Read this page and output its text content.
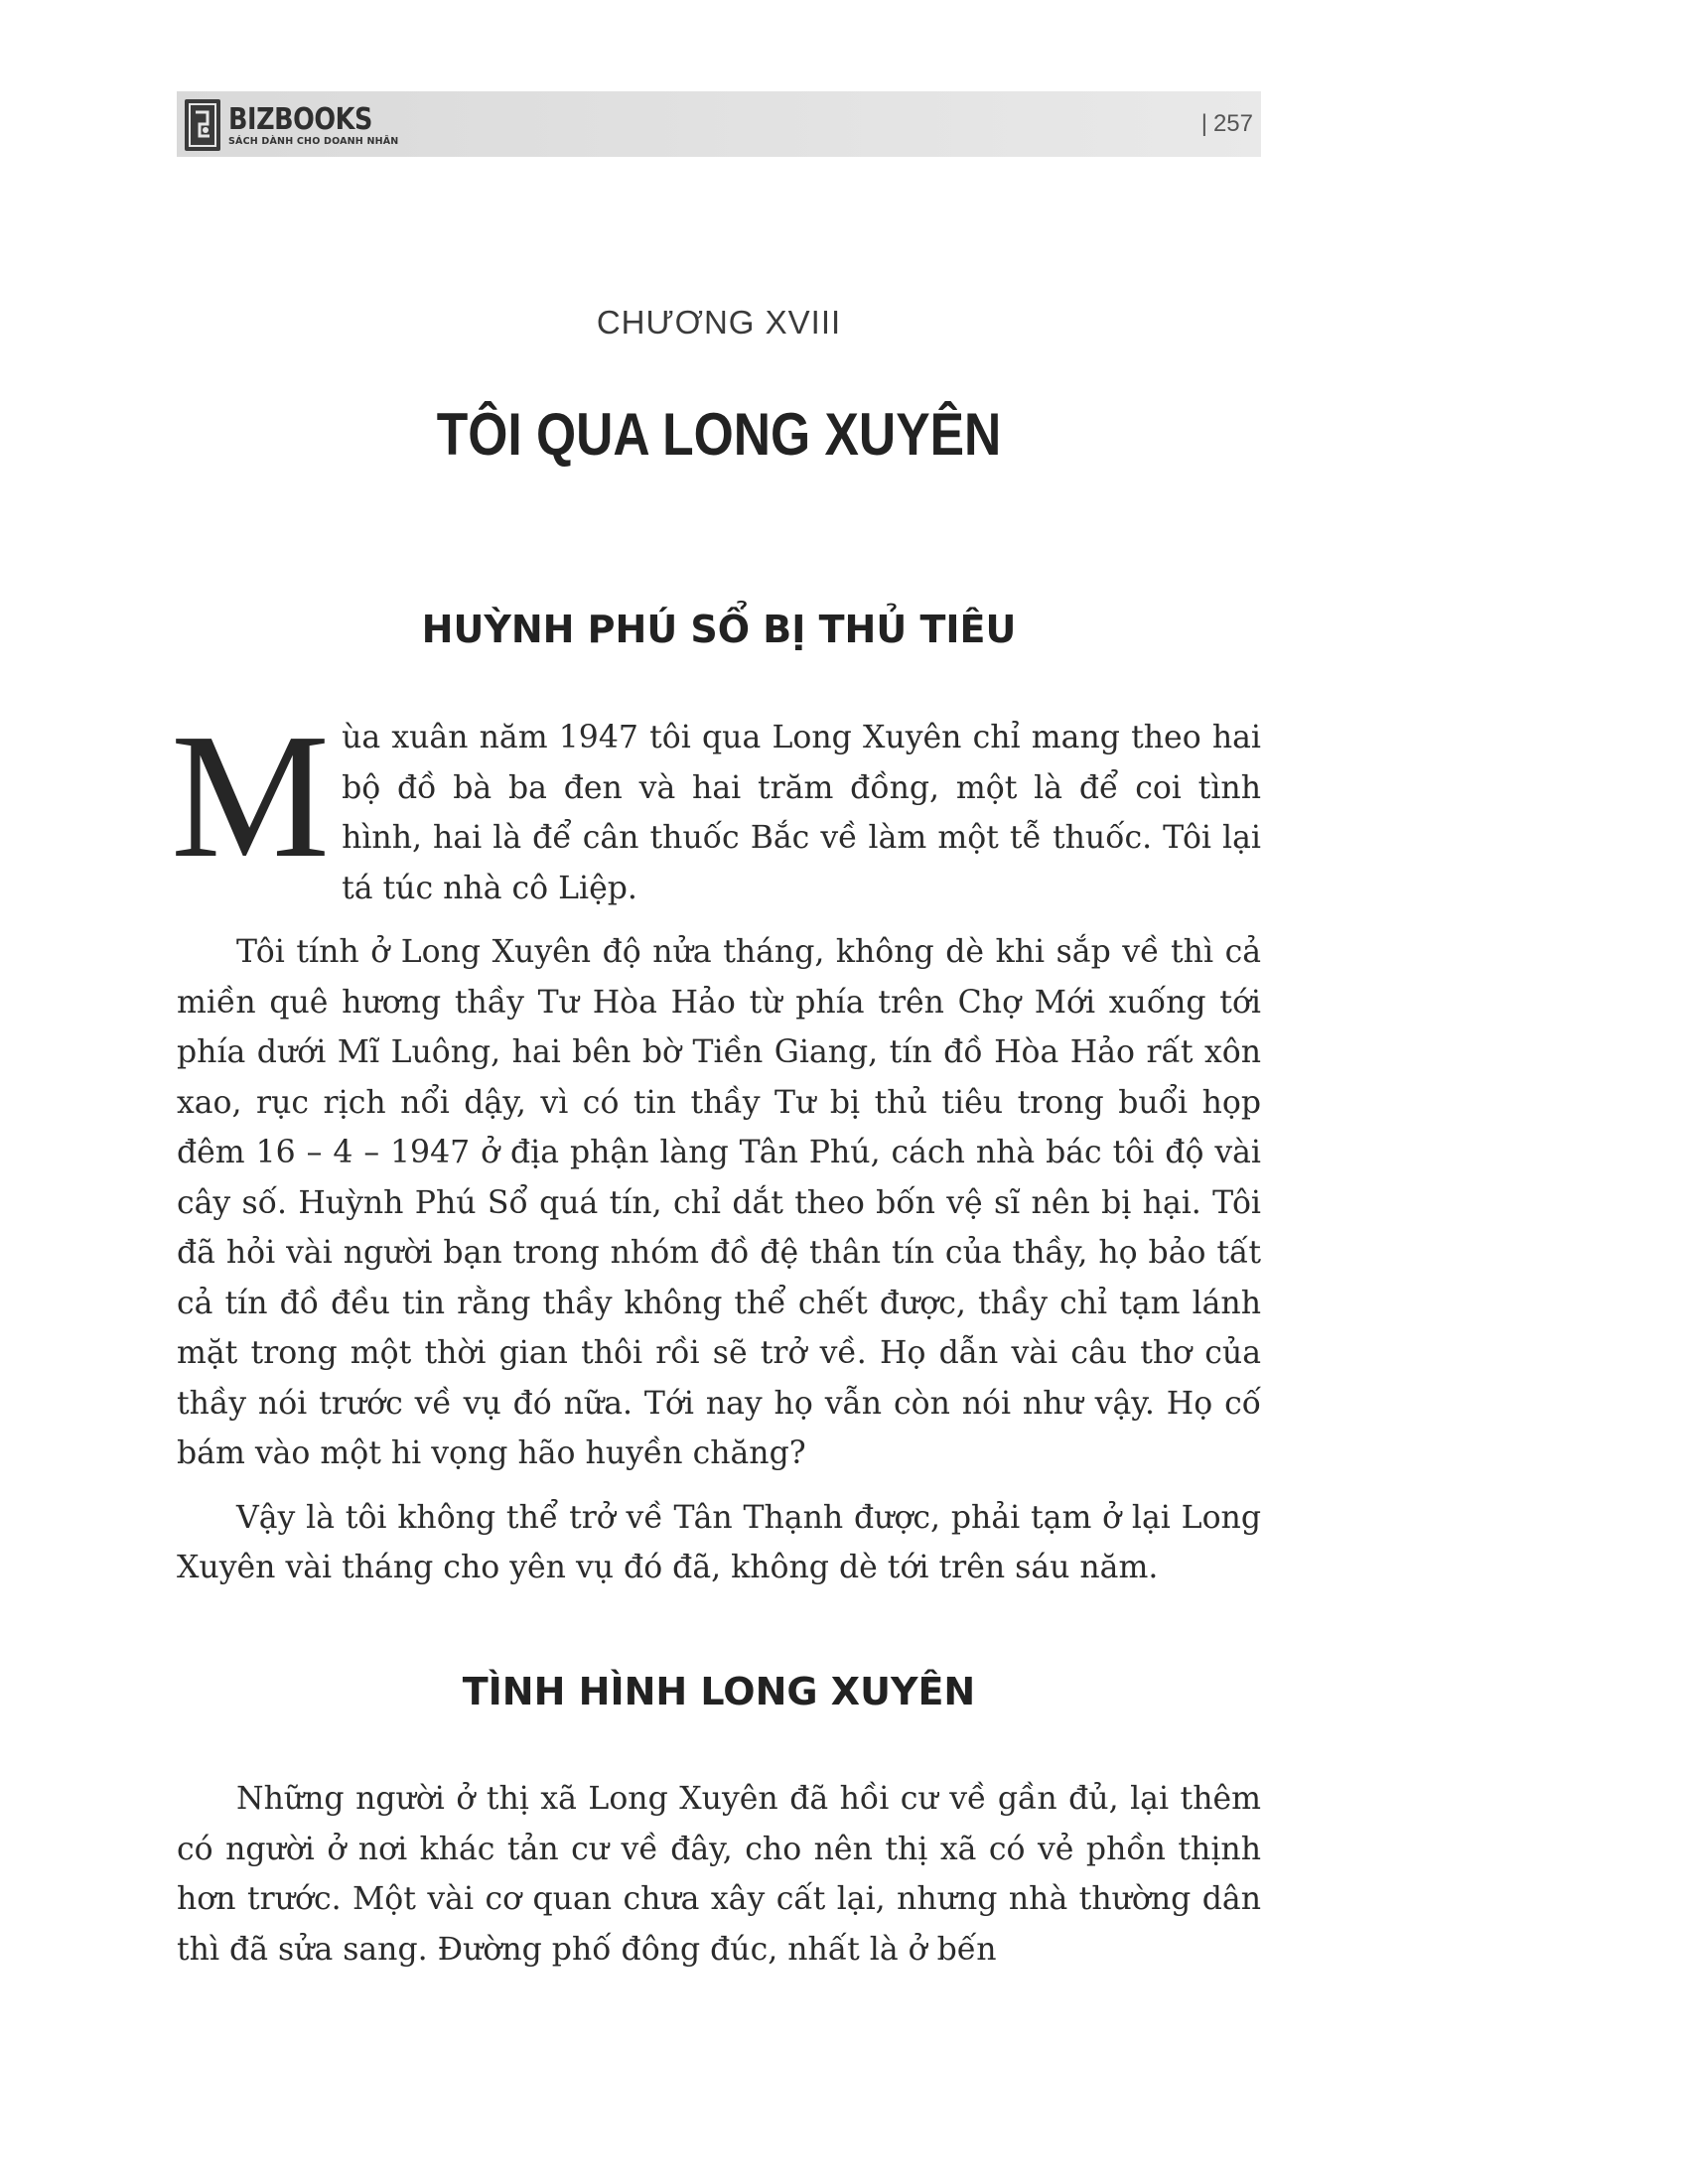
BIZBOOKS
SÁCH DÀNH CHO DOANH NHÂN
| 257
CHƯƠNG XVIII
TÔI QUA LONG XUYÊN
HUỲNH PHÚ SỔ BỊ THỦ TIÊU

Mùa xuân năm 1947 tôi qua Long Xuyên chỉ mang theo hai bộ đồ bà ba đen và hai trăm đồng, một là để coi tình hình, hai là để cân thuốc Bắc về làm một tễ thuốc. Tôi lại tá túc nhà cô Liệp.

Tôi tính ở Long Xuyên độ nửa tháng, không dè khi sắp về thì cả miền quê hương thầy Tư Hòa Hảo từ phía trên Chợ Mới xuống tới phía dưới Mĩ Luông, hai bên bờ Tiền Giang, tín đồ Hòa Hảo rất xôn xao, rục rịch nổi dậy, vì có tin thầy Tư bị thủ tiêu trong buổi họp đêm 16 – 4 – 1947 ở địa phận làng Tân Phú, cách nhà bác tôi độ vài cây số. Huỳnh Phú Sổ quá tín, chỉ dắt theo bốn vệ sĩ nên bị hại. Tôi đã hỏi vài người bạn trong nhóm đồ đệ thân tín của thầy, họ bảo tất cả tín đồ đều tin rằng thầy không thể chết được, thầy chỉ tạm lánh mặt trong một thời gian thôi rồi sẽ trở về. Họ dẫn vài câu thơ của thầy nói trước về vụ đó nữa. Tới nay họ vẫn còn nói như vậy. Họ cố bám vào một hi vọng hão huyền chăng?

Vậy là tôi không thể trở về Tân Thạnh được, phải tạm ở lại Long Xuyên vài tháng cho yên vụ đó đã, không dè tới trên sáu năm.

TÌNH HÌNH LONG XUYÊN

Những người ở thị xã Long Xuyên đã hồi cư về gần đủ, lại thêm có người ở nơi khác tản cư về đây, cho nên thị xã có vẻ phồn thịnh hơn trước. Một vài cơ quan chưa xây cất lại, nhưng nhà thường dân thì đã sửa sang. Đường phố đông đúc, nhất là ở bến
